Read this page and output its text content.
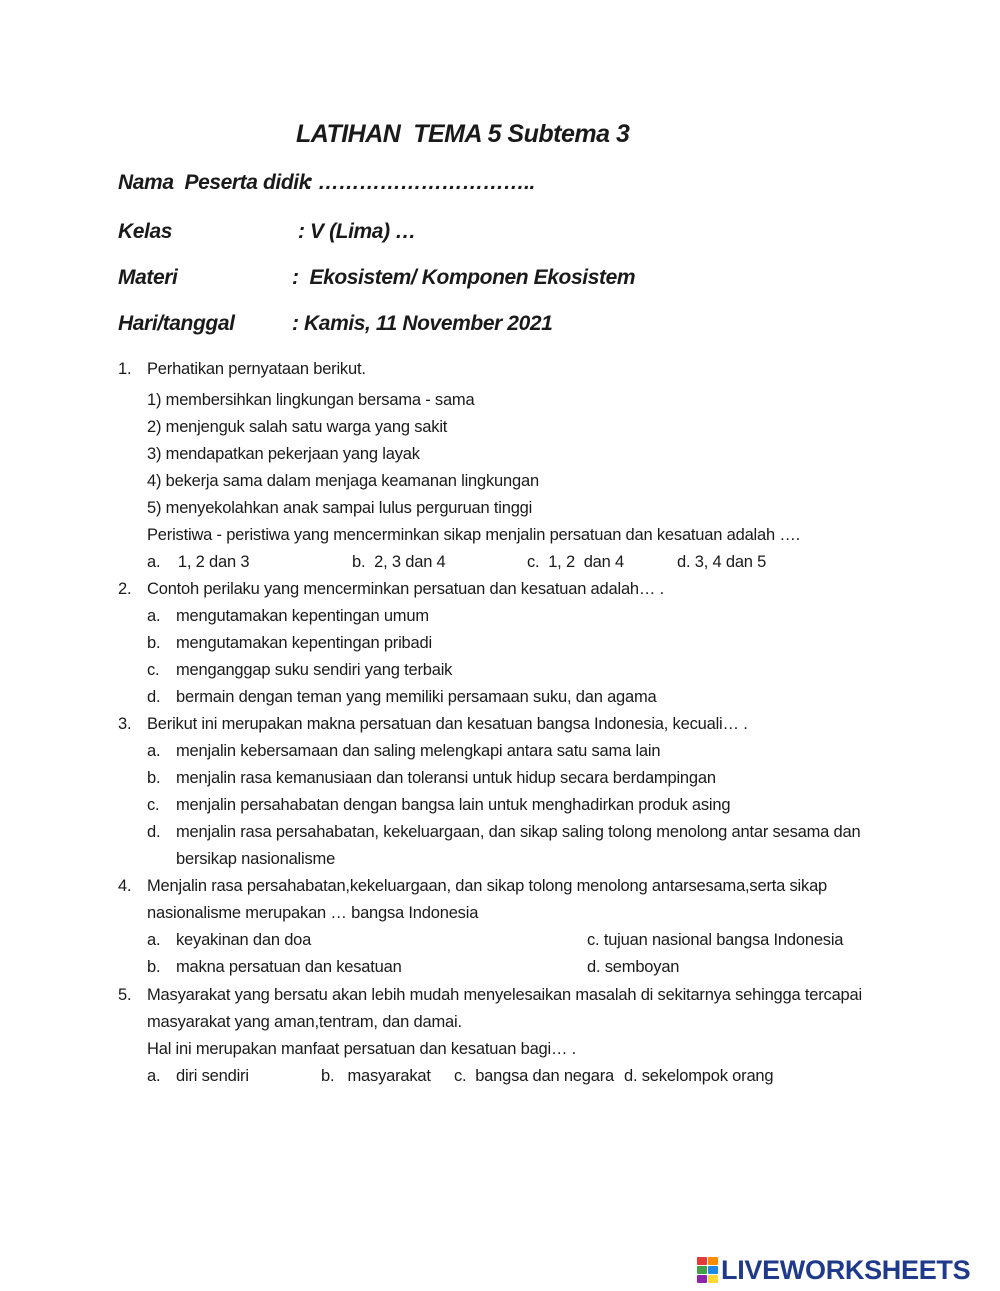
LATIHAN  TEMA 5 Subtema 3

Nama  Peserta didik

: …………………………..

Kelas

	: V (Lima) …

Materi

	:  Ekosistem/ Komponen Ekosistem

Hari/tanggal

	: Kamis, 11 November 2021

1. Perhatikan pernyataan berikut.
1) membersihkan lingkungan bersama - sama
2) menjenguk salah satu warga yang sakit
3) mendapatkan pekerjaan yang layak
4) bekerja sama dalam menjaga keamanan lingkungan
5) menyekolahkan anak sampai lulus perguruan tinggi
Peristiwa - peristiwa yang mencerminkan sikap menjalin persatuan dan kesatuan adalah ….
a.    1, 2 dan 3	b.  2, 3 dan 4	c.  1, 2  dan 4	d. 3, 4 dan 5
2. Contoh perilaku yang mencerminkan persatuan dan kesatuan adalah… .
a. mengutamakan kepentingan umum
b. mengutamakan kepentingan pribadi
c. menganggap suku sendiri yang terbaik
d. bermain dengan teman yang memiliki persamaan suku, dan agama
3. Berikut ini merupakan makna persatuan dan kesatuan bangsa Indonesia, kecuali… .
a. menjalin kebersamaan dan saling melengkapi antara satu sama lain
b. menjalin rasa kemanusiaan dan toleransi untuk hidup secara berdampingan
c. menjalin persahabatan dengan bangsa lain untuk menghadirkan produk asing
d. menjalin rasa persahabatan, kekeluargaan, dan sikap saling tolong menolong antar sesama dan
bersikap nasionalisme
4. Menjalin rasa persahabatan,kekeluargaan, dan sikap tolong menolong antarsesama,serta sikap
nasionalisme merupakan … bangsa Indonesia
a. keyakinan dan doa	c. tujuan nasional bangsa Indonesia
b. makna persatuan dan kesatuan	d. semboyan
5. Masyarakat yang bersatu akan lebih mudah menyelesaikan masalah di sekitarnya sehingga tercapai
masyarakat yang aman,tentram, dan damai.
Hal ini merupakan manfaat persatuan dan kesatuan bagi… .
a. diri sendiri	b.   masyarakat c.  bangsa dan negara d. sekelompok orang
LIVEWORKSHEETS
